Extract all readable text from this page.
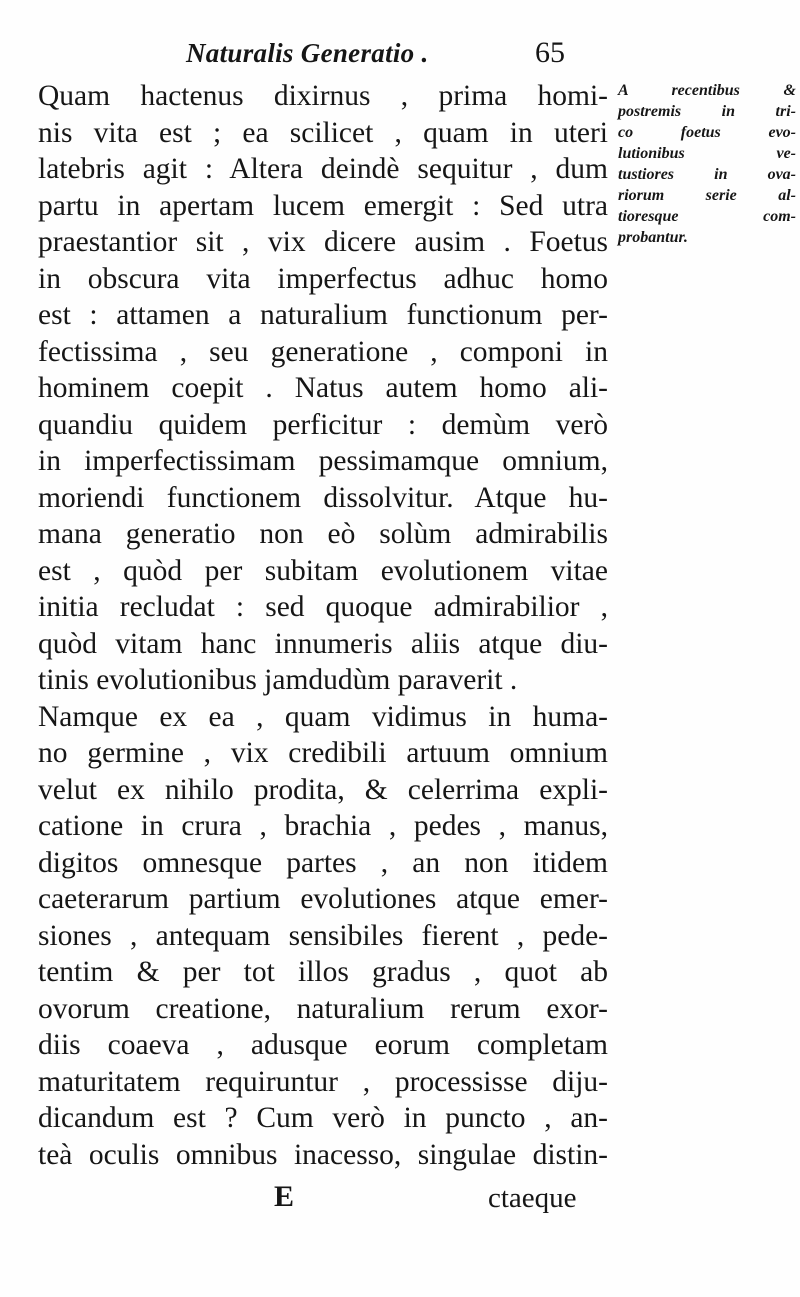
Naturalis Generatio .	65
Quam hactenus dixirnus , prima homi-
nis vita est ; ea scilicet , quam in uteri
latebris agit : Altera deindè sequitur , dum
partu in apertam lucem emergit : Sed utra
praestantior sit , vix dicere ausim . Foetus
in obscura vita imperfectus adhuc homo
est : attamen a naturalium functionum per-
fectissima , seu generatione , componi in
hominem coepit . Natus autem homo ali-
quandiu quidem perficitur : demùm verò
in imperfectissimam pessimamque omnium,
moriendi functionem dissolvitur. Atque hu-
mana generatio non eò solùm admirabilis
est , quòd per subitam evolutionem vitae
initia recludat : sed quoque admirabilior ,
quòd vitam hanc innumeris aliis atque diu-
tinis evolutionibus jamdudùm paraverit .
Namque ex ea , quam vidimus in huma-
no germine , vix credibili artuum omnium
velut ex nihilo prodita, & celerrima expli-
catione in crura , brachia , pedes , manus,
digitos omnesque partes , an non itidem
caeterarum partium evolutiones atque emer-
siones , antequam sensibiles fierent , pede-
tentim & per tot illos gradus , quot ab
ovorum creatione, naturalium rerum exor-
diis coaeva , adusque eorum completam
maturitatem requiruntur , processisse diju-
dicandum est ? Cum verò in puncto , an-
teà oculis omnibus inacesso, singulae distin-
A recentibus &
postremis in tri-
co foetus evo-
lutionibus ve-
tustiores in ova-
riorum serie al-
tioresque com-
probantur.
E	ctaeque
